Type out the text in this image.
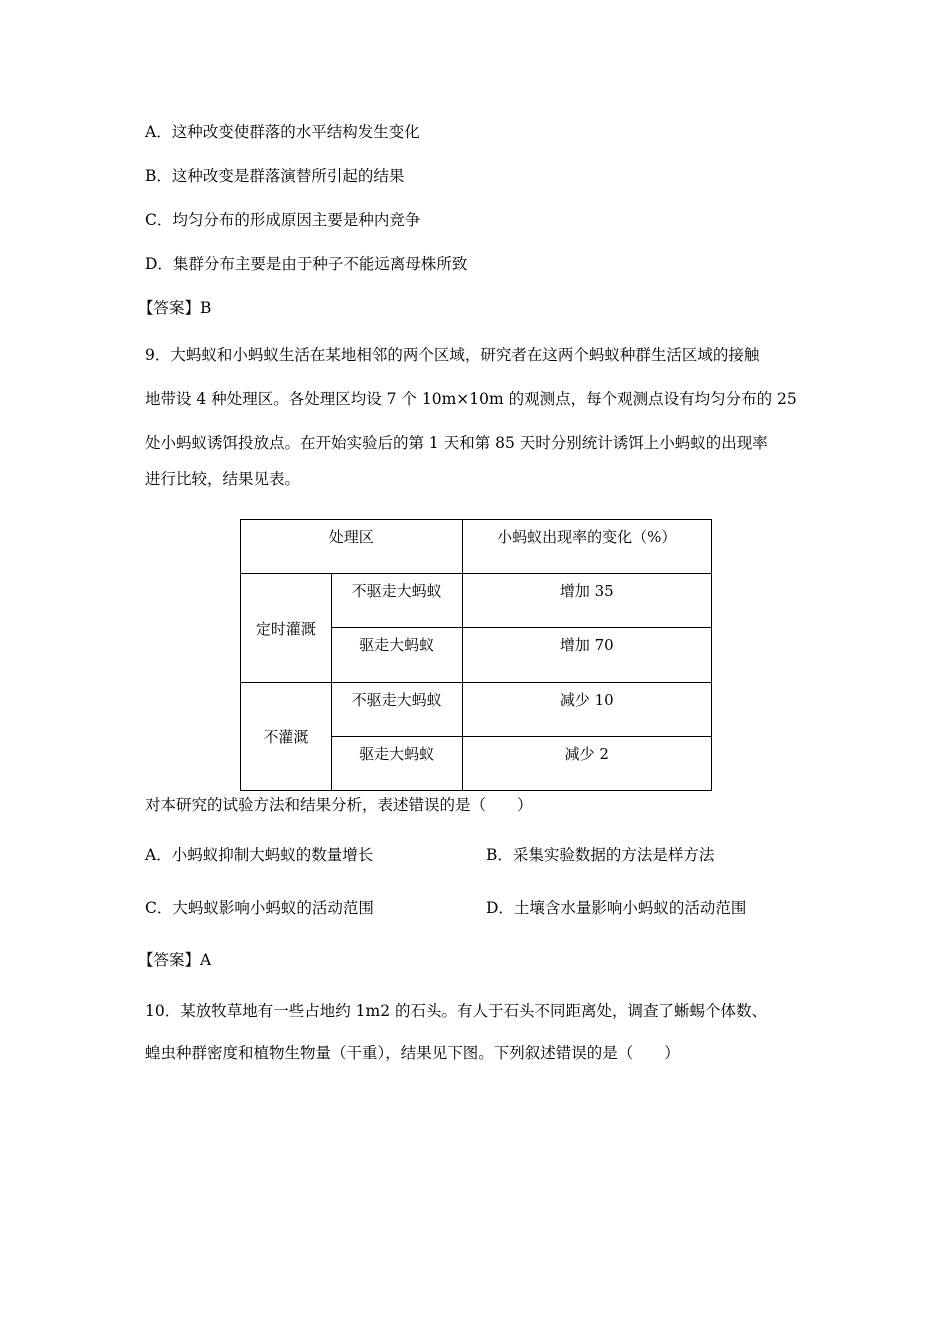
A．这种改变使群落的水平结构发生变化
B．这种改变是群落演替所引起的结果
C．均匀分布的形成原因主要是种内竞争
D．集群分布主要是由于种子不能远离母株所致
【答案】B
9．大蚂蚁和小蚂蚁生活在某地相邻的两个区域，研究者在这两个蚂蚁种群生活区域的接触
地带设 4 种处理区。各处理区均设 7 个 10m×10m 的观测点，每个观测点设有均匀分布的 25
处小蚂蚁诱饵投放点。在开始实验后的第 1 天和第 85 天时分别统计诱饵上小蚂蚁的出现率
进行比较，结果见表。
处理区		小蚂蚁出现率的变化（%）
定时灌溉	不驱走大蚂蚁	增加 35
	驱走大蚂蚁	增加 70
不灌溉	不驱走大蚂蚁	减少 10
	驱走大蚂蚁	减少 2
对本研究的试验方法和结果分析，表述错误的是（　　）
A．小蚂蚁抑制大蚂蚁的数量增长	B．采集实验数据的方法是样方法
C．大蚂蚁影响小蚂蚁的活动范围	D．土壤含水量影响小蚂蚁的活动范围
【答案】A
10．某放牧草地有一些占地约 1m2 的石头。有人于石头不同距离处，调查了蜥蜴个体数、
蝗虫种群密度和植物生物量（干重），结果见下图。下列叙述错误的是（　　）
